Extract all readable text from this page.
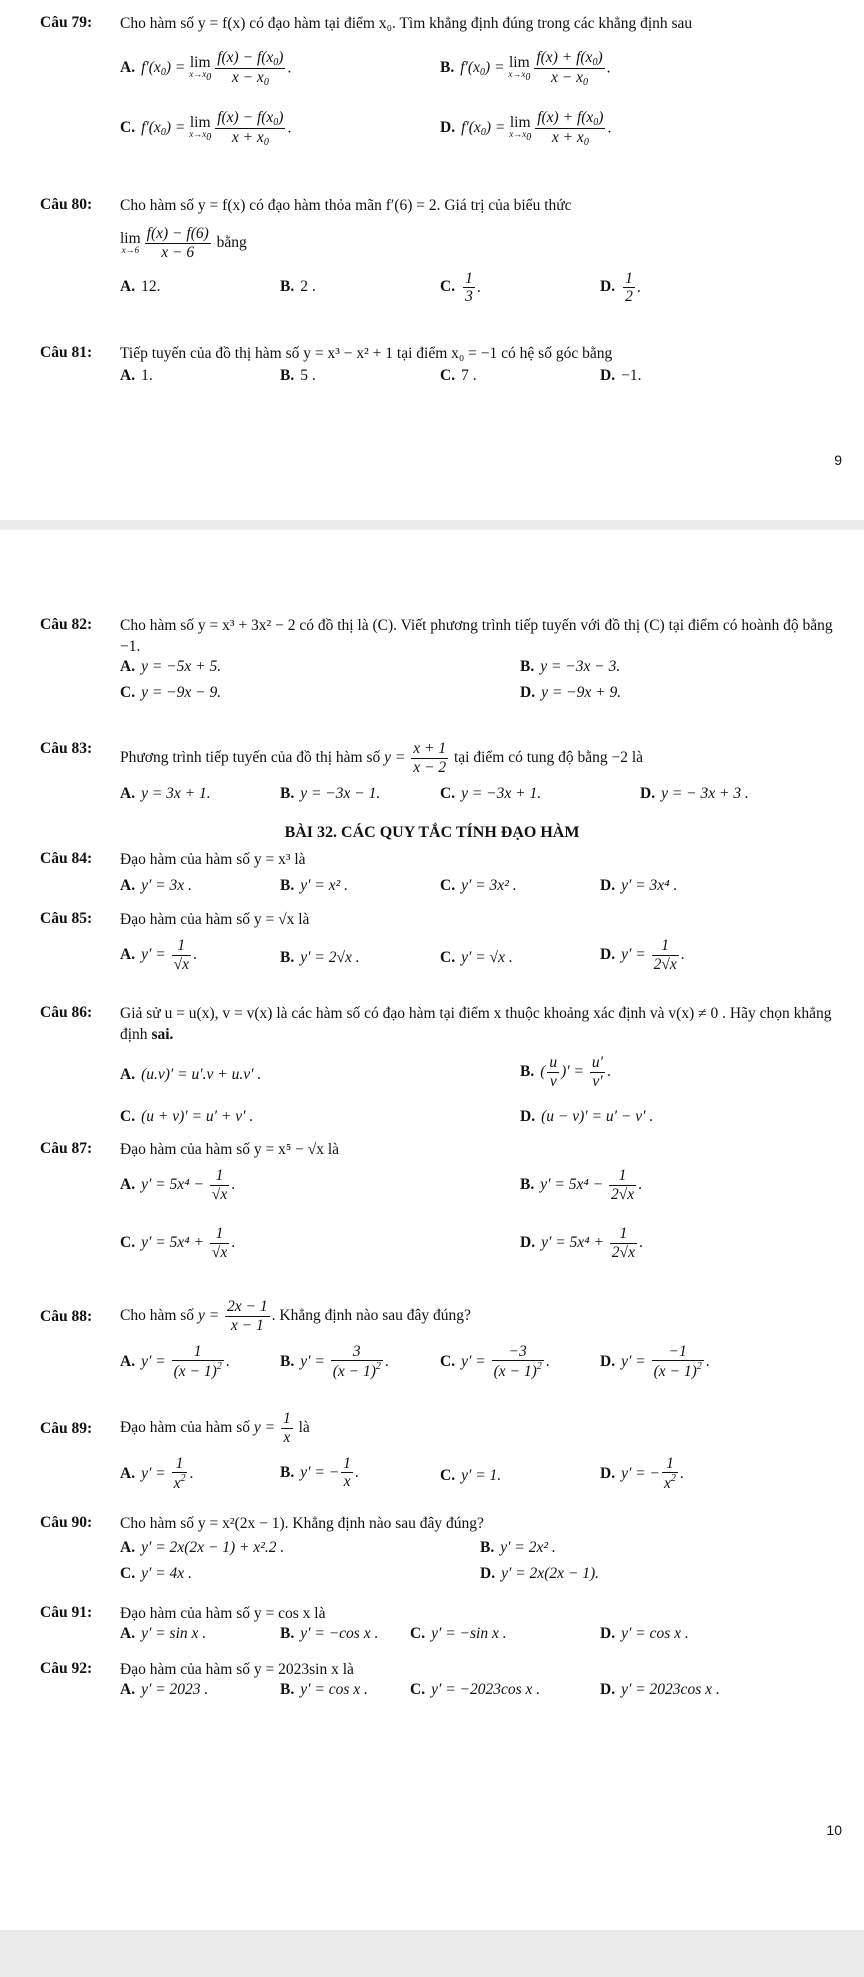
Câu 79:	Cho hàm số y = f(x) có đạo hàm tại điểm x₀. Tìm khẳng định đúng trong các khẳng định sau
A. $f'(x_0) = \lim$
$x\to x0 \frac{f(x) - f(x_0)}{x - x_0}$ .	B. $f'(x_0) = \lim$
$x\to x0 \frac{f(x) + f(x_0)}{x - x_0}$ .
C. $f'(x_0) = \lim$
$x\to x0 \frac{f(x) - f(x_0)}{x + x_0}$ .	D. $f'(x_0) = \lim$
$x\to x0 \frac{f(x) + f(x_0)}{x + x_0}$ .
Câu 80:	Cho hàm số y = f(x) có đạo hàm thỏa mãn f′(6) = 2. Giá trị của biểu thức
lim
$x\to 6 \frac{f(x) - f(6)}{x - 6}$ bằng
A. 12.	B. 2 .	C. $\frac{1}{3}$ .	D. $\frac{1}{2}$ .
Câu 81:	Tiếp tuyến của đồ thị hàm số y = x³ − x² + 1 tại điểm x₀ = −1 có hệ số góc bằng
A. 1.	B. 5 .	C. 7 .	D. −1.
9
Câu 82:	Cho hàm số y = x³ + 3x² − 2 có đồ thị là (C). Viết phương trình tiếp tuyến với đồ thị (C) tại điểm có hoành độ bằng −1.
A. y = −5x + 5.	B. y = −3x − 3.
C. y = −9x − 9.	D. y = −9x + 9.
Câu 83:
Phương trình tiếp tuyến của đồ thị hàm số $y = \frac{x + 1}{x - 2}$ tại điểm có tung độ bằng −2 là
A. y = 3x + 1.	B. y = −3x − 1.	C. y = −3x + 1.	D. y = − 3x + 3 .
BÀI 32. CÁC QUY TẮC TÍNH ĐẠO HÀM
Câu 84:	Đạo hàm của hàm số y = x³ là
A. y′ = 3x .	B. y′ = x² .	C. y′ = 3x² .	D. y′ = 3x⁴ .
Câu 85:	Đạo hàm của hàm số y = √x là
A. $y' = \frac{1}{√x}$ .	B. y′ = 2√x .	C. y′ = √x .	D. $y' = \frac{1}{2√x}$ .
Câu 86:	Giả sử u = u(x), v = v(x) là các hàm số có đạo hàm tại điểm x thuộc khoảng xác định và v(x) ≠ 0 . Hãy chọn khẳng định sai.
A. (u.v)′ = u′.v + u.v′ .	B. ( $\frac{u}{v}$ )′ = $\frac{u'}{v'}$ .
C. (u + v)′ = u′ + v′ .	D. (u − v)′ = u′ − v′ .
Câu 87:	Đạo hàm của hàm số y = x⁵ − √x là
A. $y' = 5x^4 - \frac{1}{√x}$ .	B. $y' = 5x^4 - \frac{1}{2√x}$ .
C. $y' = 5x^4 + \frac{1}{√x}$ .	D. $y' = 5x^4 + \frac{1}{2√x}$ .
Câu 88:	Cho hàm số $y = \frac{2x - 1}{x - 1}$ . Khẳng định nào sau đây đúng?
A. $y' = \frac{1}{(x - 1)^2}$ .	B. $y' = \frac{3}{(x - 1)^2}$ .	C. $y' = \frac{-3}{(x - 1)^2}$ .	D. $y' = \frac{-1}{(x - 1)^2}$ .
Câu 89:	Đạo hàm của hàm số $y = \frac{1}{x}$ là
A. $y' = \frac{1}{x^2}$ .	B. y′ = − $\frac{1}{x}$ .	C. y′ = 1.	D. y′ = − $\frac{1}{x^2}$ .
Câu 90:	Cho hàm số y = x²(2x − 1). Khẳng định nào sau đây đúng?
A. y′ = 2x(2x − 1) + x².2 .	B. y′ = 2x² .
C. y′ = 4x .	D. y′ = 2x(2x − 1).
Câu 91:	Đạo hàm của hàm số y = cos x là
A. y′ = sin x .	B. y′ = −cos x . C. y′ = −sin x .	D. y′ = cos x .
Câu 92:	Đạo hàm của hàm số y = 2023sin x là
A. y′ = 2023 .	B. y′ = cos x .	C. y′ = −2023cos x .	D. y′ = 2023cos x .
10
